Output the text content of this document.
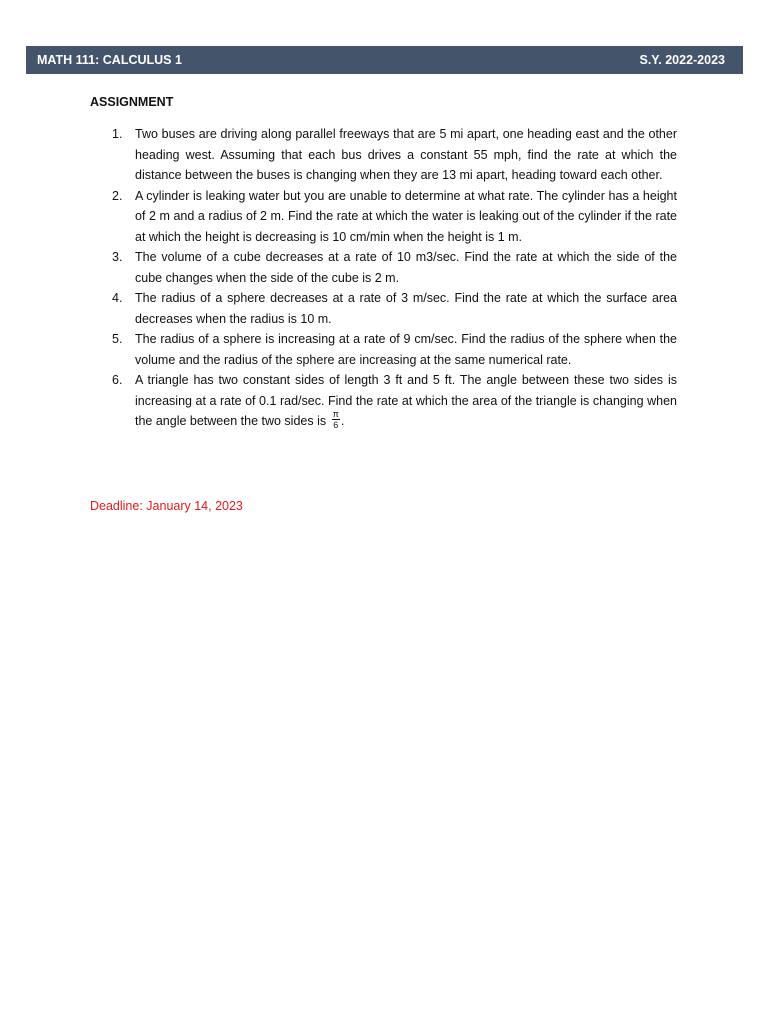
MATH 111: CALCULUS 1	S.Y. 2022-2023
ASSIGNMENT
1. Two buses are driving along parallel freeways that are 5 mi apart, one heading east and the other heading west. Assuming that each bus drives a constant 55 mph, find the rate at which the distance between the buses is changing when they are 13 mi apart, heading toward each other.
2. A cylinder is leaking water but you are unable to determine at what rate. The cylinder has a height of 2 m and a radius of 2 m. Find the rate at which the water is leaking out of the cylinder if the rate at which the height is decreasing is 10 cm/min when the height is 1 m.
3. The volume of a cube decreases at a rate of 10 m3/sec. Find the rate at which the side of the cube changes when the side of the cube is 2 m.
4. The radius of a sphere decreases at a rate of 3 m/sec. Find the rate at which the surface area decreases when the radius is 10 m.
5. The radius of a sphere is increasing at a rate of 9 cm/sec. Find the radius of the sphere when the volume and the radius of the sphere are increasing at the same numerical rate.
6. A triangle has two constant sides of length 3 ft and 5 ft. The angle between these two sides is increasing at a rate of 0.1 rad/sec. Find the rate at which the area of the triangle is changing when the angle between the two sides is $\frac{\pi}{6}$ .

Deadline: January 14, 2023
